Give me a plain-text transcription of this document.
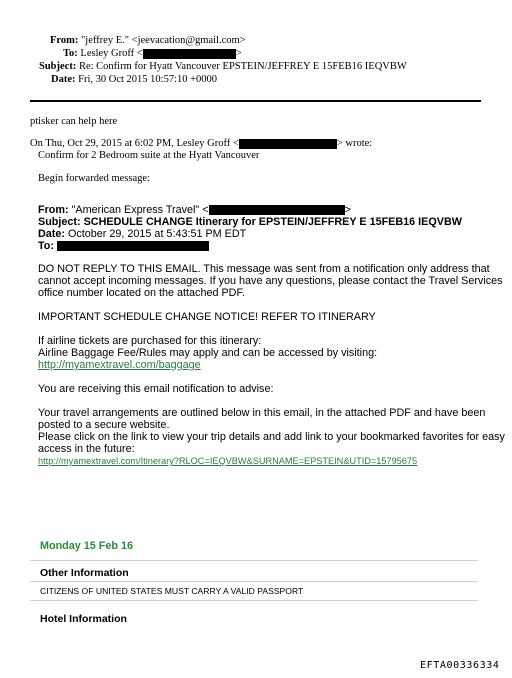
From: "jeffrey E." <jeevacation@gmail.com>
To: Lesley Groff <	>
Subject: Re: Confirm for Hyatt Vancouver EPSTEIN/JEFFREY E 15FEB16 IEQVBW
Date: Fri, 30 Oct 2015 10:57:10 +0000
ptisker can help here
On Thu, Oct 29, 2015 at 6:02 PM, Lesley Groff <	> wrote:
Confirm for 2 Bedroom suite at the Hyatt Vancouver
Begin forwarded message:
From: "American Express Travel" <	>
Subject: SCHEDULE CHANGE Itinerary for EPSTEIN/JEFFREY E 15FEB16 IEQVBW
Date: October 29, 2015 at 5:43:51 PM EDT
To:
DO NOT REPLY TO THIS EMAIL. This message was sent from a notification only address that
cannot accept incoming messages. If you have any questions, please contact the Travel Services
office number located on the attached PDF.
IMPORTANT SCHEDULE CHANGE NOTICE! REFER TO ITINERARY
If airline tickets are purchased for this itinerary:
Airline Baggage Fee/Rules may apply and can be accessed by visiting:
http://myamextravel.com/baggage
You are receiving this email notification to advise:
Your travel arrangements are outlined below in this email, in the attached PDF and have been
posted to a secure website.
Please click on the link to view your trip details and add link to your bookmarked favorites for easy
access in the future:
http://myamextravel.com/Itinerary?RLOC=IEQVBW&SURNAME=EPSTEIN&UTID=15795675
Monday 15 Feb 16
Other Information
CITIZENS OF UNITED STATES MUST CARRY A VALID PASSPORT
Hotel Information
EFTA00336334
